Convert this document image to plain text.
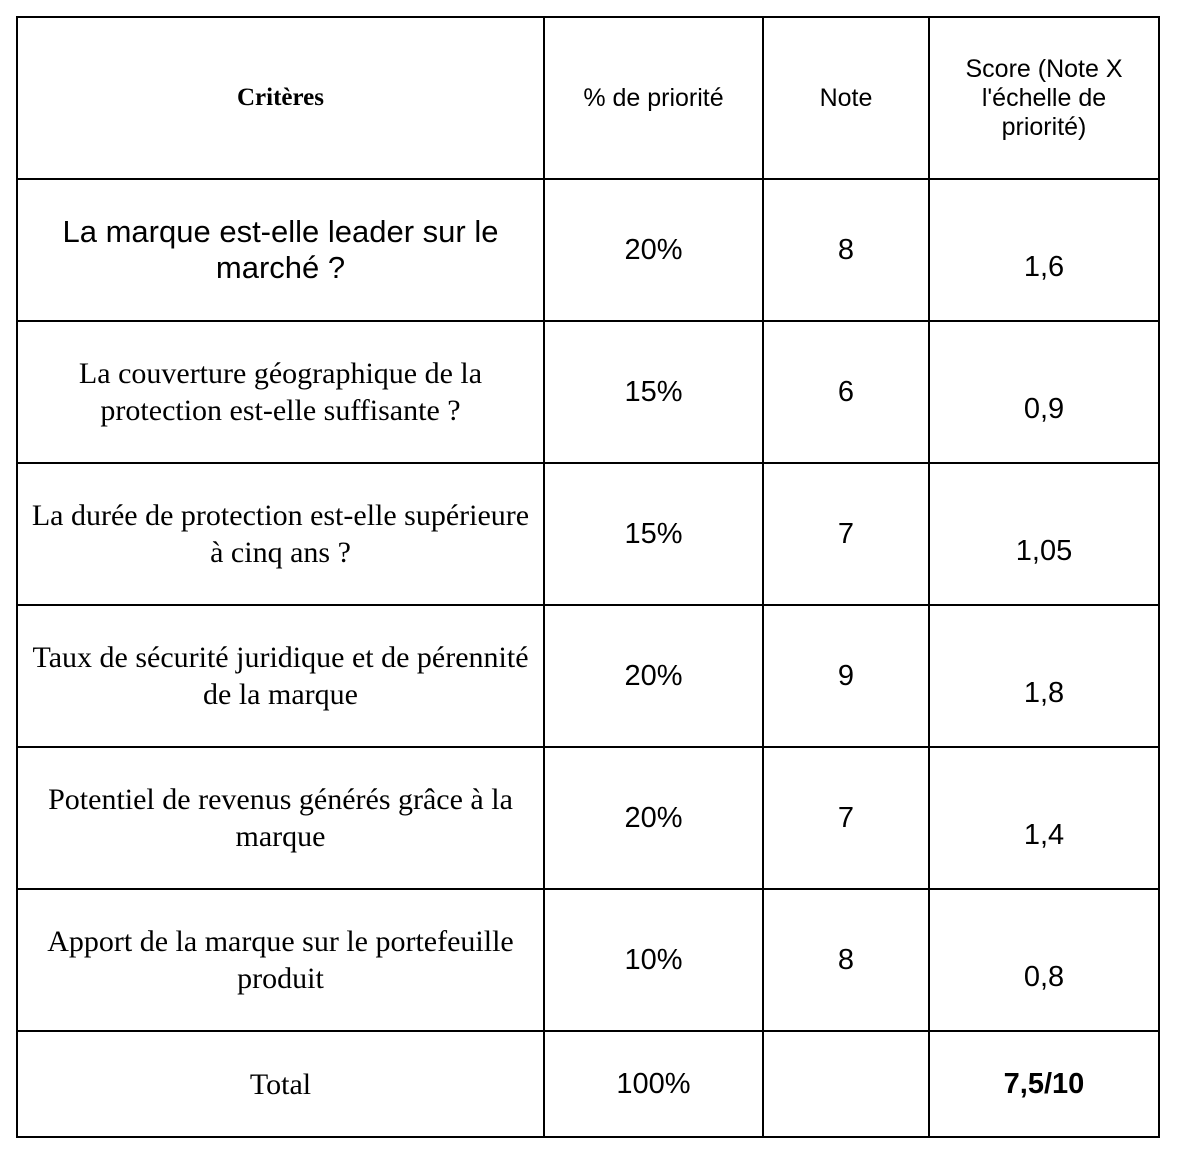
Critères	% de priorité	Note	Score (Note X l'échelle de priorité)
La marque est-elle leader sur le marché ?	20%	8	1,6
La couverture géographique de la protection est-elle suffisante ?	15%	6	0,9
La durée de protection est-elle supérieure à cinq ans ?	15%	7	1,05
Taux de sécurité juridique et de pérennité de la marque	20%	9	1,8
Potentiel de revenus générés grâce à la marque	20%	7	1,4
Apport de la marque sur le portefeuille produit	10%	8	0,8
Total	100%		7,5/10
